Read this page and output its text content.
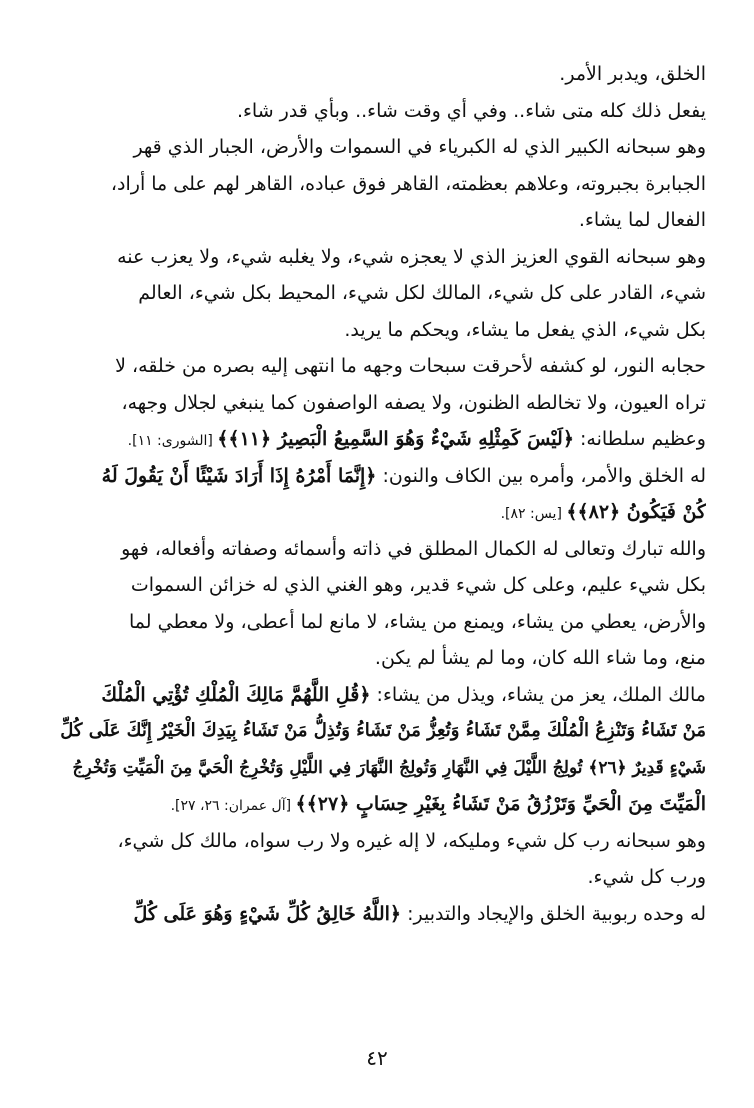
الخلق، ويدبر الأمر.
يفعل ذلك كله متى شاء.. وفي أي وقت شاء.. وبأي قدر شاء.
وهو سبحانه الكبير الذي له الكبرياء في السموات والأرض، الجبار الذي قهر
الجبابرة بجبروته، وعلاهم بعظمته، القاهر فوق عباده، القاهر لهم على ما أراد،
الفعال لما يشاء.
وهو سبحانه القوي العزيز الذي لا يعجزه شيء، ولا يغلبه شيء، ولا يعزب عنه
شيء، القادر على كل شيء، المالك لكل شيء، المحيط بكل شيء، العالم
بكل شيء، الذي يفعل ما يشاء، ويحكم ما يريد.
حجابه النور، لو كشفه لأحرقت سبحات وجهه ما انتهى إليه بصره من خلقه، لا
تراه العيون، ولا تخالطه الظنون، ولا يصفه الواصفون كما ينبغي لجلال وجهه،
وعظيم سلطانه: ﴿لَيْسَ كَمِثْلِهِ شَيْءٌ وَهُوَ السَّمِيعُ الْبَصِيرُ ﴿١١﴾﴾ [الشورى: ١١].
له الخلق والأمر، وأمره بين الكاف والنون: ﴿إِنَّمَا أَمْرُهُ إِذَا أَرَادَ شَيْئًا أَنْ يَقُولَ لَهُ
كُنْ فَيَكُونُ ﴿٨٢﴾﴾ [يس: ٨٢].
والله تبارك وتعالى له الكمال المطلق في ذاته وأسمائه وصفاته وأفعاله، فهو
بكل شيء عليم، وعلى كل شيء قدير، وهو الغني الذي له خزائن السموات
والأرض، يعطي من يشاء، ويمنع من يشاء، لا مانع لما أعطى، ولا معطي لما
منع، وما شاء الله كان، وما لم يشأ لم يكن.
مالك الملك، يعز من يشاء، ويذل من يشاء: ﴿قُلِ اللَّهُمَّ مَالِكَ الْمُلْكِ تُؤْتِي الْمُلْكَ
مَنْ تَشَاءُ وَتَنْزِعُ الْمُلْكَ مِمَّنْ تَشَاءُ وَتُعِزُّ مَنْ تَشَاءُ وَتُذِلُّ مَنْ تَشَاءُ بِيَدِكَ الْخَيْرُ إِنَّكَ عَلَى كُلِّ
شَيْءٍ قَدِيرٌ ﴿٢٦﴾ تُولِجُ اللَّيْلَ فِي النَّهَارِ وَتُولِجُ النَّهَارَ فِي اللَّيْلِ وَتُخْرِجُ الْحَيَّ مِنَ الْمَيِّتِ وَتُخْرِجُ
الْمَيِّتَ مِنَ الْحَيِّ وَتَرْزُقُ مَنْ تَشَاءُ بِغَيْرِ حِسَابٍ ﴿٢٧﴾﴾ [آل عمران: ٢٦، ٢٧].
وهو سبحانه رب كل شيء ومليكه، لا إله غيره ولا رب سواه، مالك كل شيء،
ورب كل شيء.
له وحده ربوبية الخلق والإيجاد والتدبير: ﴿اللَّهُ خَالِقُ كُلِّ شَيْءٍ وَهُوَ عَلَى كُلِّ
٤٢
